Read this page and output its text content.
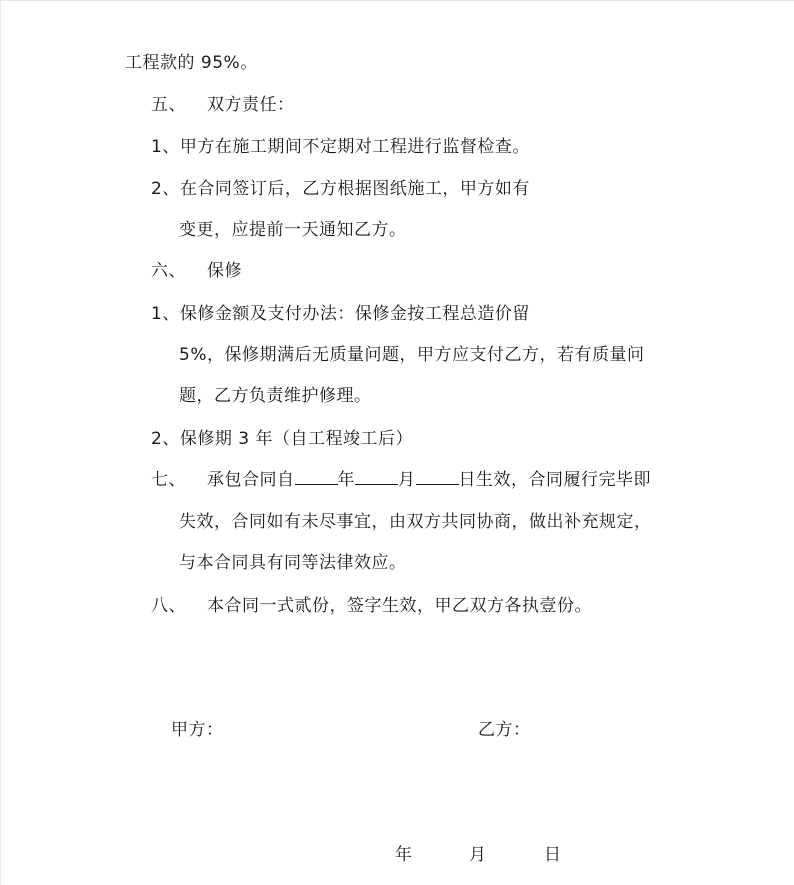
工程款的 95%。
五、 双方责任：
1、甲方在施工期间不定期对工程进行监督检查。
2、在合同签订后，乙方根据图纸施工，甲方如有
变更，应提前一天通知乙方。
六、 保修
1、保修金额及支付办法：保修金按工程总造价留
5%，保修期满后无质量问题，甲方应支付乙方，若有质量问
题，乙方负责维护修理。
2、保修期 3 年（自工程竣工后）
七、 承包合同自	年	月	日生效，合同履行完毕即
失效，合同如有未尽事宜，由双方共同协商，做出补充规定，
与本合同具有同等法律效应。
八、 本合同一式贰份，签字生效，甲乙双方各执壹份。
甲方：	乙方：
年	月	日
